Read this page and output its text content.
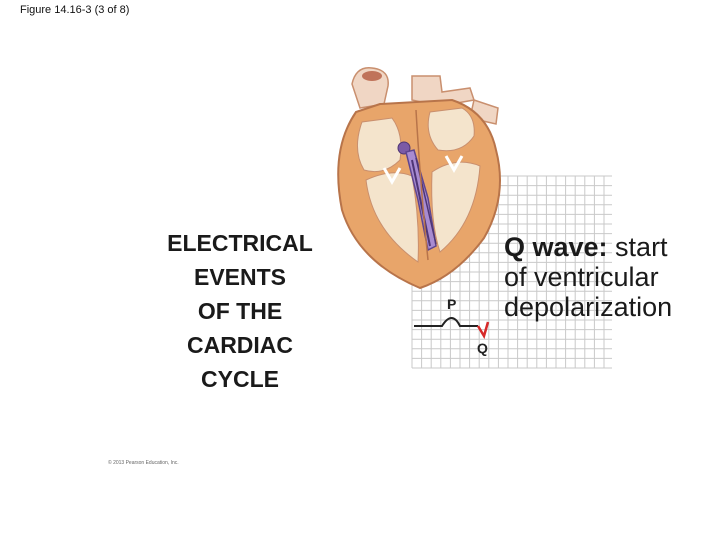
Figure 14.16-3 (3 of 8)
ELECTRICAL
EVENTS
OF THE
CARDIAC
CYCLE
© 2013 Pearson Education, Inc.
P
Q
Q wave: start
of ventricular
depolarization
